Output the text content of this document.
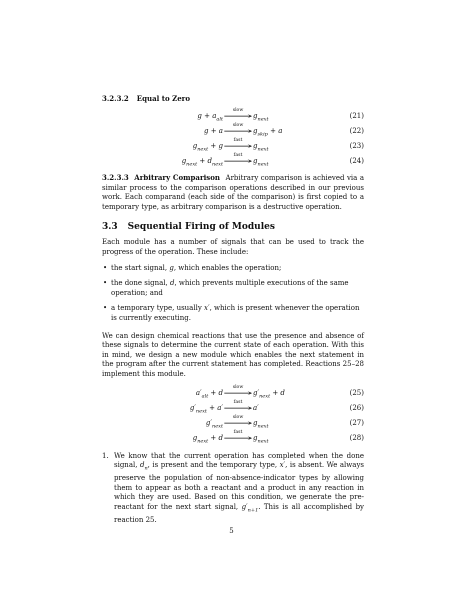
3.2.3.2 Equal to Zero
$g + a_{alt}$
slow
⟶ $g_{next}$	(21)
g + a
slow
⟶ $g_{skip} + a$	(22)
$g_{next} + g$
fast
⟶ $g_{next}$	(23)
$g_{next} + d_{next}$
fast
⟶ $g_{next}$	(24)

3.2.3.3 Arbitrary Comparison Arbitrary comparison is achieved via a similar process to the comparison operations described in our previous work. Each comparand (each side of the comparison) is first copied to a temporary type, as arbitrary comparison is a destructive operation.

3.3 Sequential Firing of Modules

Each module has a number of signals that can be used to track the progress of the operation. These include:

• the start signal, g, which enables the operation;
• the done signal, d, which prevents multiple executions of the same operation; and
• a temporary type, usually x′, which is present whenever the operation is currently executing.

We can design chemical reactions that use the presence and absence of these signals to determine the current state of each operation. With this in mind, we design a new module which enables the next statement in the program after the current statement has completed. Reactions 25–28 implement this module.

$a'_{alt} + d$
slow
⟶ $g'_{next} + d$	(25)
$g'_{next} + a'$
fast
⟶ a′	(26)
$g'_{next}$
slow
⟶ $g_{next}$	(27)
$g_{next} + d$
fast
⟶ $g_{next}$	(28)
1. We know that the current operation has completed when the done signal, $d_n$, is present and the temporary type, x′, is absent. We always preserve the population of non-absence-indicator types by allowing them to appear as both a reactant and a product in any reaction in which they are used. Based on this condition, we generate the pre-reactant for the next start signal, $g'_{n+1}$. This is all accomplished by reaction 25.
5
